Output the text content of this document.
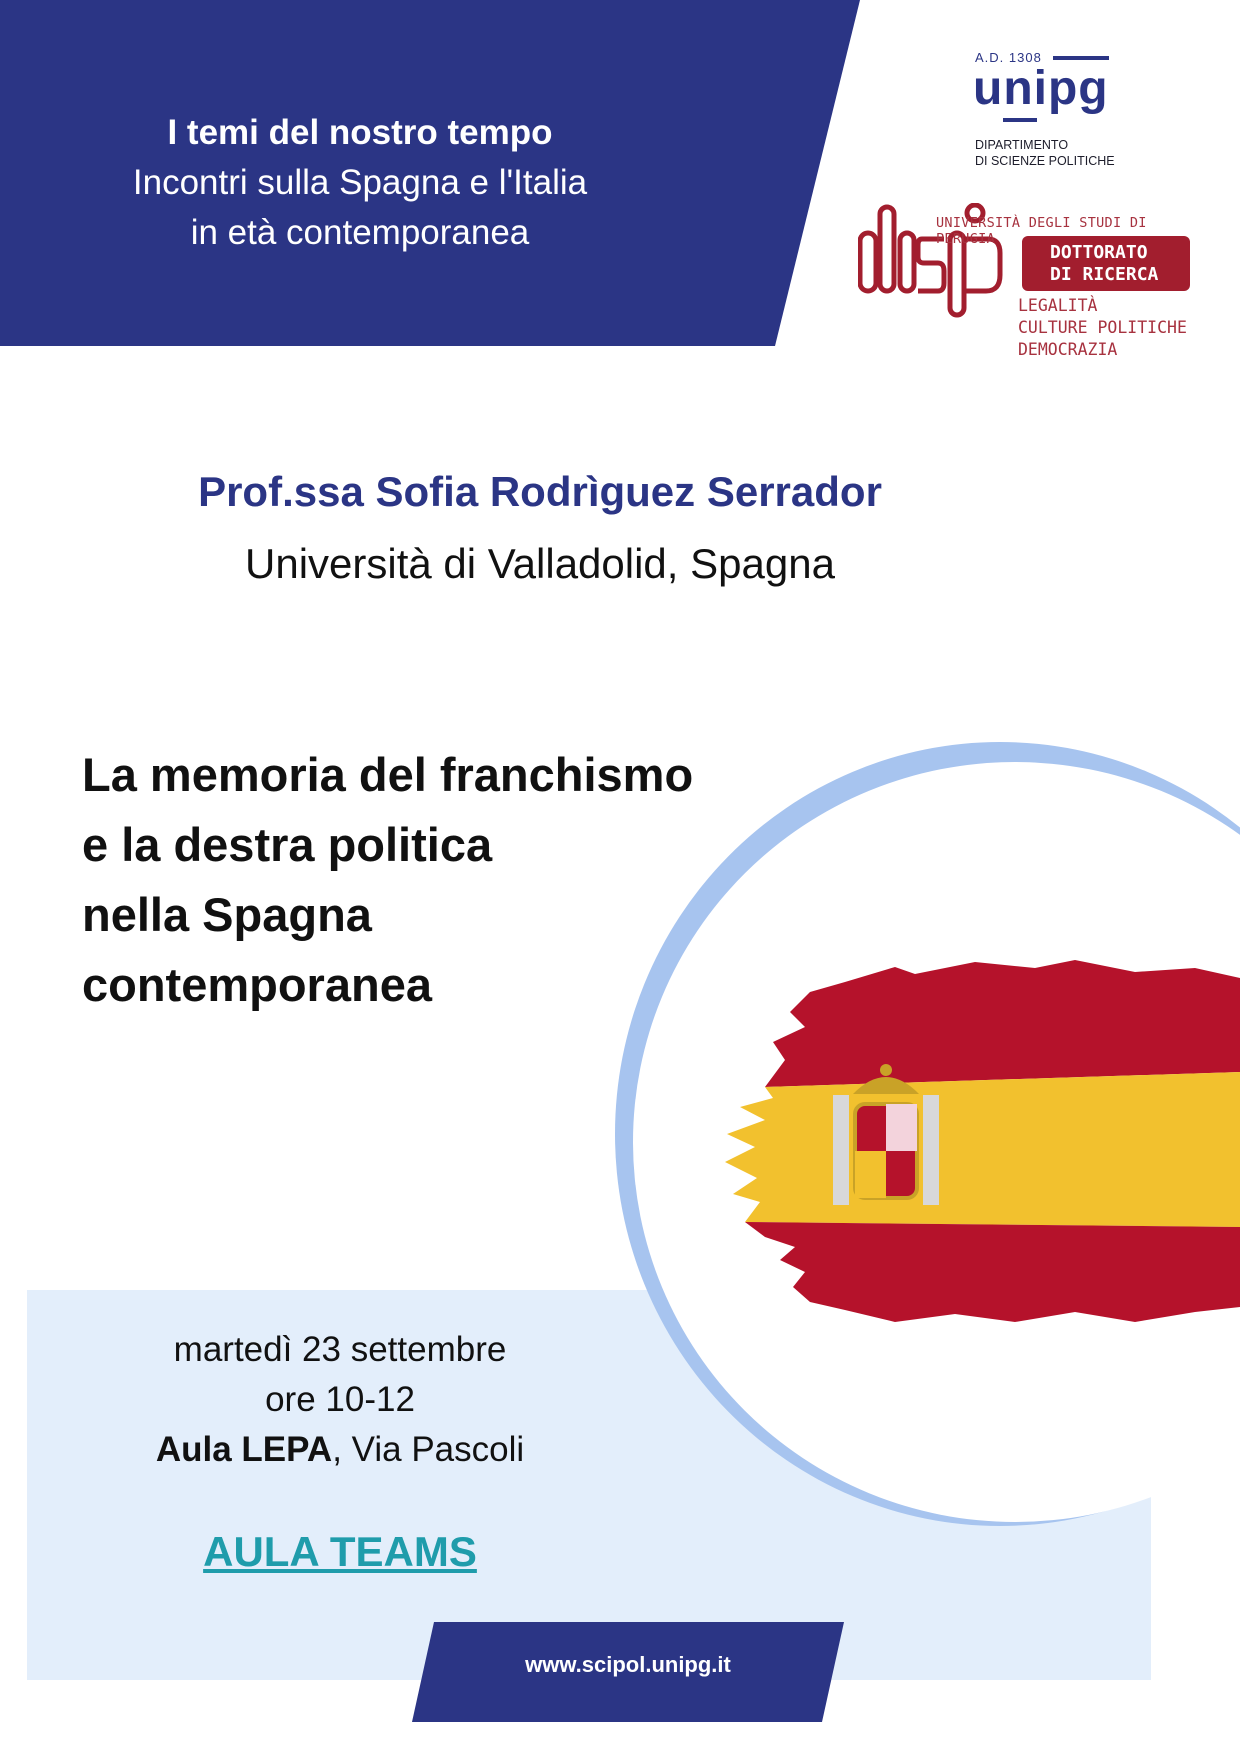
I temi del nostro tempo
Incontri sulla Spagna e l'Italia
in età contemporanea
A.D. 1308
unipg
DIPARTIMENTO
DI SCIENZE POLITICHE
UNIVERSITÀ DEGLI STUDI DI PERUGIA
DOTTORATO
DI RICERCA
LEGALITÀ
CULTURE POLITICHE
DEMOCRAZIA
Prof.ssa Sofia Rodrìguez Serrador
Università di Valladolid, Spagna
La memoria del franchismo
e la destra politica
nella Spagna
contemporanea
martedì 23 settembre
ore 10-12
Aula LEPA, Via Pascoli
AULA TEAMS
www.scipol.unipg.it
